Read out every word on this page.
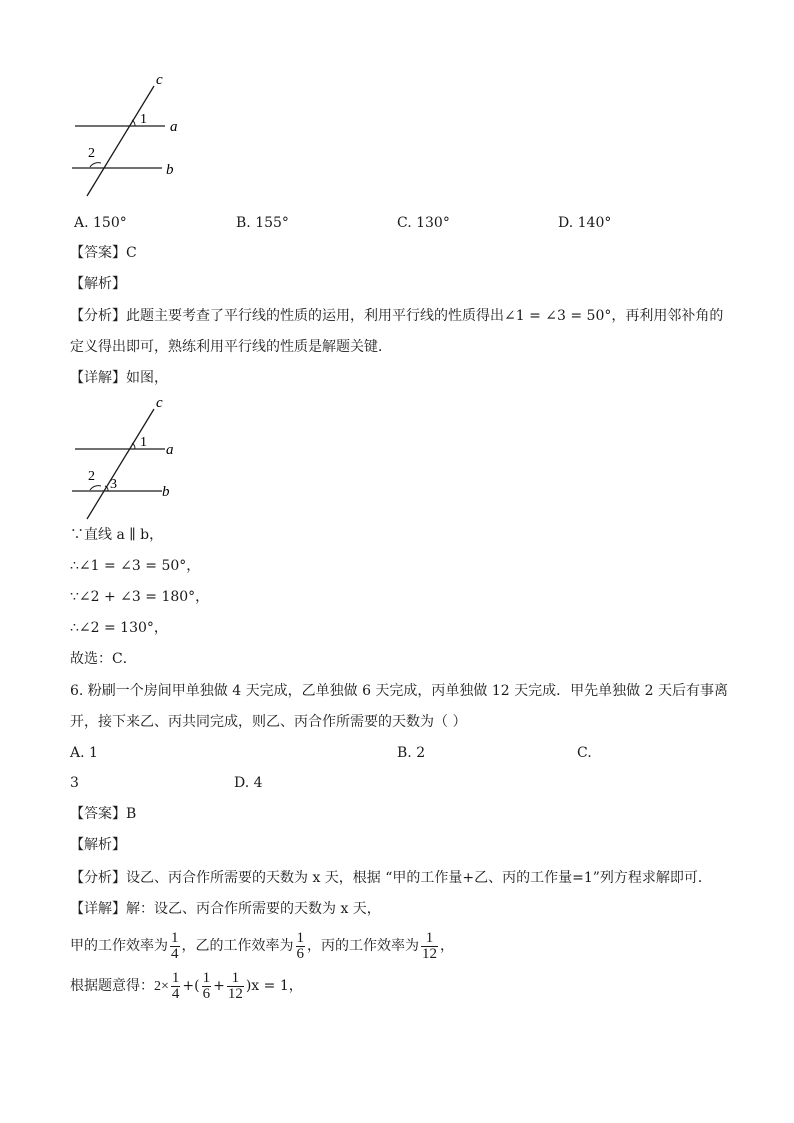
c
a
b
1
2
A. 150°	B. 155°	C. 130°	D. 140°
【答案】C
【解析】
【分析】此题主要考查了平行线的性质的运用，利用平行线的性质得出∠1 = ∠3 = 50°，再利用邻补角的
定义得出即可，熟练利用平行线的性质是解题关键．
【详解】如图，
c
a
b
1
2
3
∵直线 a ∥ b，
∴∠1 = ∠3 = 50°，
∵∠2 + ∠3 = 180°，
∴∠2 = 130°，
故选：C．
6. 粉刷一个房间甲单独做 4 天完成，乙单独做 6 天完成，丙单独做 12 天完成．甲先单独做 2 天后有事离
开，接下来乙、丙共同完成，则乙、丙合作所需要的天数为（ ）
A. 1	B. 2	C.
3	D. 4
【答案】B
【解析】
【分析】设乙、丙合作所需要的天数为 x 天，根据 “甲的工作量+乙、丙的工作量=1”列方程求解即可．
【详解】解：设乙、丙合作所需要的天数为 x 天，
甲的工作效率为 $\frac{1}{4}$ ，乙的工作效率为 $\frac{1}{6}$ ，丙的工作效率为 $\frac{1}{12}$ ，
根据题意得：$2\times \frac{1}{4}$ +( $\frac{1}{6} + \frac{1}{12} )x = 1$，
